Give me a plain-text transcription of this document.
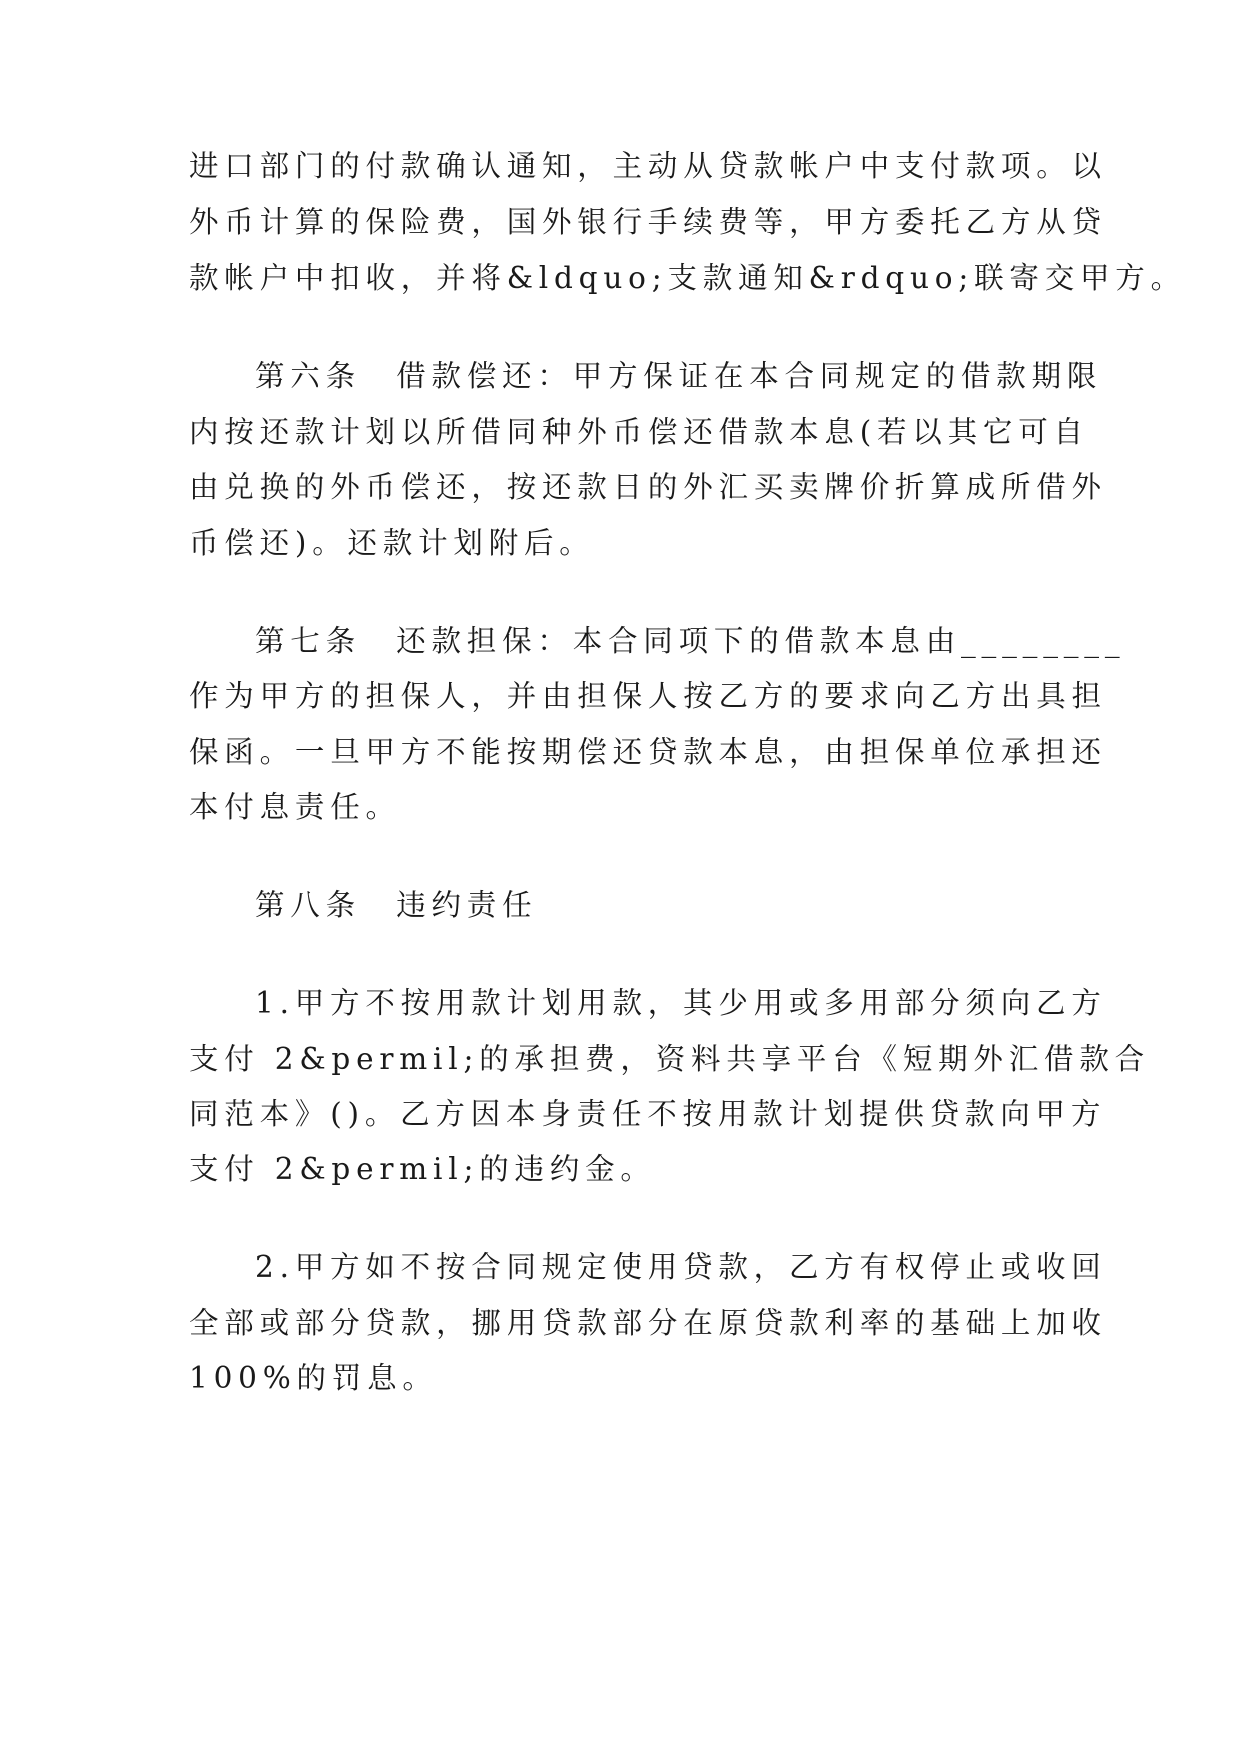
进口部门的付款确认通知，主动从贷款帐户中支付款项。以
外币计算的保险费，国外银行手续费等，甲方委托乙方从贷
款帐户中扣收，并将&ldquo;支款通知&rdquo;联寄交甲方。
第六条　借款偿还：甲方保证在本合同规定的借款期限
内按还款计划以所借同种外币偿还借款本息(若以其它可自
由兑换的外币偿还，按还款日的外汇买卖牌价折算成所借外
币偿还)。还款计划附后。
第七条　还款担保：本合同项下的借款本息由________
作为甲方的担保人，并由担保人按乙方的要求向乙方出具担
保函。一旦甲方不能按期偿还贷款本息，由担保单位承担还
本付息责任。
第八条　违约责任
1.甲方不按用款计划用款，其少用或多用部分须向乙方
支付 2&permil;的承担费，资料共享平台《短期外汇借款合
同范本》()。乙方因本身责任不按用款计划提供贷款向甲方
支付 2&permil;的违约金。
2.甲方如不按合同规定使用贷款，乙方有权停止或收回
全部或部分贷款，挪用贷款部分在原贷款利率的基础上加收
100%的罚息。
